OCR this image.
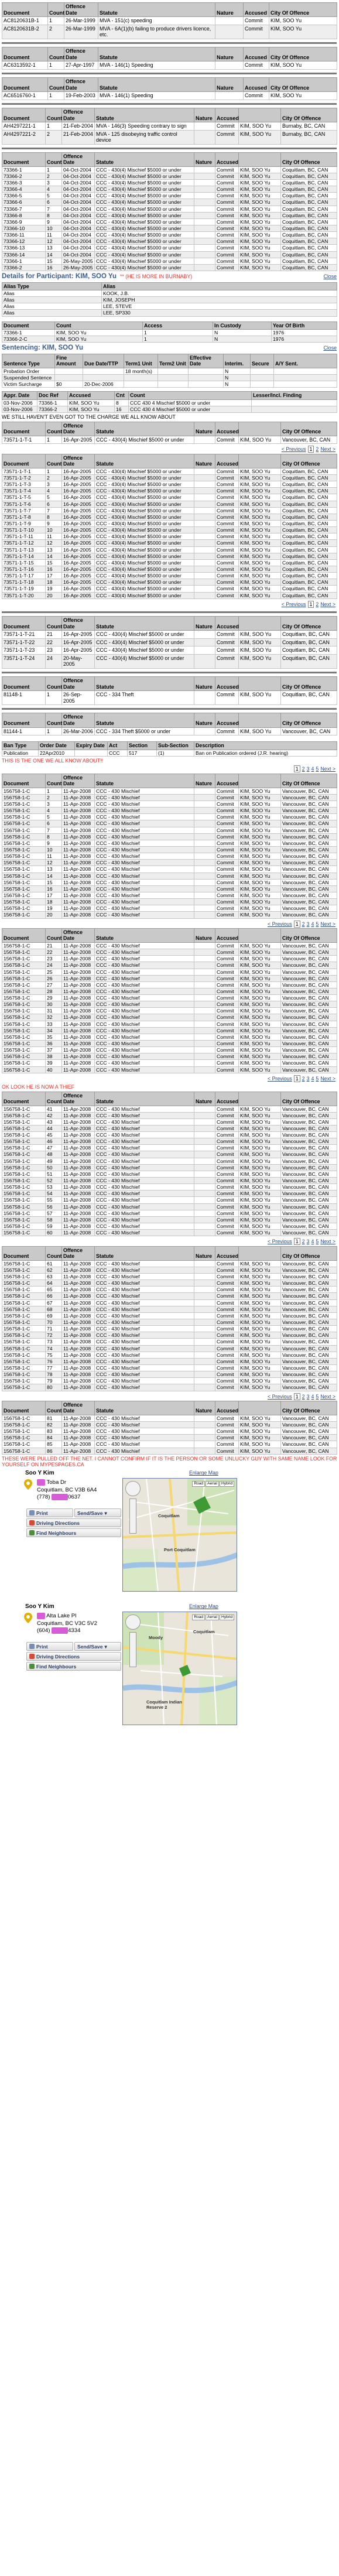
Document	Count	Offence Date	Statute	Nature	Accused	City Of Offence
AC8120631B-1	1	26-Mar-1999	MVA - 151(c) speeding		Commit	KIM, SOO Yu
AC8120631B-2	2	26-Mar-1999	MVA - 6A(1)(b) failing to produce drivers licence, etc.		Commit	KIM, SOO Yu
Document	Count	Offence Date	Statute	Nature	Accused	City Of Offence
AC6313592-1	1	27-Apr-1997	MVA - 146(1) Speeding		Commit	KIM, SOO Yu
Document	Count	Offence Date	Statute	Nature	Accused	City Of Offence
AC6516760-1	1	19-Feb-2003	MVA - 146(1) Speeding		Commit	KIM, SOO Yu
Document	Count	Offence Date	Statute	Nature	Accused		City Of Offence
AH4297221-1	1	21-Feb-2004	MVA - 146(3) Speeding contrary to sign		Commit	KIM, SOO Yu	Burnaby, BC, CAN
AH4297221-2	2	21-Feb-2004	MVA - 125 disobeying traffic control device		Commit	KIM, SOO Yu	Burnaby, BC, CAN
Document	Count	Offence Date	Statute	Nature	Accused		City Of Offence
73366-1	1	04-Oct-2004	CCC - 430(4) Mischief $5000 or under		Commit	KIM, SOO Yu	Coquitlam, BC, CAN
73366-2	2	04-Oct-2004	CCC - 430(4) Mischief $5000 or under		Commit	KIM, SOO Yu	Coquitlam, BC, CAN
73366-3	3	04-Oct-2004	CCC - 430(4) Mischief $5000 or under		Commit	KIM, SOO Yu	Coquitlam, BC, CAN
73366-4	4	04-Oct-2004	CCC - 430(4) Mischief $5000 or under		Commit	KIM, SOO Yu	Coquitlam, BC, CAN
73366-5	5	04-Oct-2004	CCC - 430(4) Mischief $5000 or under		Commit	KIM, SOO Yu	Coquitlam, BC, CAN
73366-6	6	04-Oct-2004	CCC - 430(4) Mischief $5000 or under		Commit	KIM, SOO Yu	Coquitlam, BC, CAN
73366-7	7	04-Oct-2004	CCC - 430(4) Mischief $5000 or under		Commit	KIM, SOO Yu	Coquitlam, BC, CAN
73366-8	8	04-Oct-2004	CCC - 430(4) Mischief $5000 or under		Commit	KIM, SOO Yu	Coquitlam, BC, CAN
73366-9	9	04-Oct-2004	CCC - 430(4) Mischief $5000 or under		Commit	KIM, SOO Yu	Coquitlam, BC, CAN
73366-10	10	04-Oct-2004	CCC - 430(4) Mischief $5000 or under		Commit	KIM, SOO Yu	Coquitlam, BC, CAN
73366-11	11	04-Oct-2004	CCC - 430(4) Mischief $5000 or under		Commit	KIM, SOO Yu	Coquitlam, BC, CAN
73366-12	12	04-Oct-2004	CCC - 430(4) Mischief $5000 or under		Commit	KIM, SOO Yu	Coquitlam, BC, CAN
73366-13	13	04-Oct-2004	CCC - 430(4) Mischief $5000 or under		Commit	KIM, SOO Yu	Coquitlam, BC, CAN
73366-14	14	04-Oct-2004	CCC - 430(4) Mischief $5000 or under		Commit	KIM, SOO Yu	Coquitlam, BC, CAN
73366-1	15	26-May-2005	CCC - 430(4) Mischief $5000 or under		Commit	KIM, SOO Yu	Coquitlam, BC, CAN
73366-2	16	26-May-2005	CCC - 430(4) Mischief $5000 or under		Commit	KIM, SOO Yu	Coquitlam, BC, CAN
Details for Participant: KIM, SOO Yu ** (HE IS MORE IN BURNABY)	Close
Alias Type	Alias
Alias	KOOK, J.B.
Alias	KIM, JOSEPH
Alias	LEE, STEVE
Alias	LEE, SP330
Document	Count	Access	In Custody	Year Of Birth
73366-1	KIM, SOO Yu	1	N	1976
73366-2-C	KIM, SOO Yu	1	N	1976
Sentencing: KIM, SOO Yu	Close
Sentence Type	Fine Amount	Due Date/TTP	Term1 Unit	Term2 Unit	Effective Date	Interim.	Secure	A/Y Sent.
Probation Order			18 month(s)			N		
Suspended Sentence						N		
Victim Surcharge	$0	20-Dec-2006				N		
Appr. Date	Doc Ref	Accused	Cnt	Count	Lesser/Incl. Finding
03-Nov-2006	73366-1	KIM, SOO Yu	8	CCC 430 4 Mischief $5000 or under	
03-Nov-2006	73366-2	KIM, SOO Yu	16	CCC 430 4 Mischief $5000 or under	
WE STILL HAVEN'T EVEN GOT TO THE CHARGE WE ALL KNOW ABOUT
Document	Count	Offence Date	Statute	Nature	Accused		City Of Offence
73571-1-T-1	1	16-Apr-2005	CCC - 430(4) Mischief $5000 or under		Commit	KIM, SOO Yu	Vancouver, BC, CAN
< Previous 1 2 Next >
Document	Count	Offence Date	Statute	Nature	Accused		City Of Offence
73571-1-T-1	1	16-Apr-2005	CCC - 430(4) Mischief $5000 or under		Commit	KIM, SOO Yu	Coquitlam, BC, CAN
73571-1-T-2	2	16-Apr-2005	CCC - 430(4) Mischief $5000 or under		Commit	KIM, SOO Yu	Coquitlam, BC, CAN
73571-1-T-3	3	16-Apr-2005	CCC - 430(4) Mischief $5000 or under		Commit	KIM, SOO Yu	Coquitlam, BC, CAN
73571-1-T-4	4	16-Apr-2005	CCC - 430(4) Mischief $5000 or under		Commit	KIM, SOO Yu	Coquitlam, BC, CAN
73571-1-T-5	5	16-Apr-2005	CCC - 430(4) Mischief $5000 or under		Commit	KIM, SOO Yu	Coquitlam, BC, CAN
73571-1-T-6	6	16-Apr-2005	CCC - 430(4) Mischief $5000 or under		Commit	KIM, SOO Yu	Coquitlam, BC, CAN
73571-1-T-7	7	16-Apr-2005	CCC - 430(4) Mischief $5000 or under		Commit	KIM, SOO Yu	Coquitlam, BC, CAN
73571-1-T-8	8	16-Apr-2005	CCC - 430(4) Mischief $5000 or under		Commit	KIM, SOO Yu	Coquitlam, BC, CAN
73571-1-T-9	9	16-Apr-2005	CCC - 430(4) Mischief $5000 or under		Commit	KIM, SOO Yu	Coquitlam, BC, CAN
73571-1-T-10	10	16-Apr-2005	CCC - 430(4) Mischief $5000 or under		Commit	KIM, SOO Yu	Coquitlam, BC, CAN
73571-1-T-11	11	16-Apr-2005	CCC - 430(4) Mischief $5000 or under		Commit	KIM, SOO Yu	Coquitlam, BC, CAN
73571-1-T-12	12	16-Apr-2005	CCC - 430(4) Mischief $5000 or under		Commit	KIM, SOO Yu	Coquitlam, BC, CAN
73571-1-T-13	13	16-Apr-2005	CCC - 430(4) Mischief $5000 or under		Commit	KIM, SOO Yu	Coquitlam, BC, CAN
73571-1-T-14	14	16-Apr-2005	CCC - 430(4) Mischief $5000 or under		Commit	KIM, SOO Yu	Coquitlam, BC, CAN
73571-1-T-15	15	16-Apr-2005	CCC - 430(4) Mischief $5000 or under		Commit	KIM, SOO Yu	Coquitlam, BC, CAN
73571-1-T-16	16	16-Apr-2005	CCC - 430(4) Mischief $5000 or under		Commit	KIM, SOO Yu	Coquitlam, BC, CAN
73571-1-T-17	17	16-Apr-2005	CCC - 430(4) Mischief $5000 or under		Commit	KIM, SOO Yu	Coquitlam, BC, CAN
73571-1-T-18	18	16-Apr-2005	CCC - 430(4) Mischief $5000 or under		Commit	KIM, SOO Yu	Coquitlam, BC, CAN
73571-1-T-19	19	16-Apr-2005	CCC - 430(4) Mischief $5000 or under		Commit	KIM, SOO Yu	Coquitlam, BC, CAN
73571-1-T-20	20	16-Apr-2005	CCC - 430(4) Mischief $5000 or under		Commit	KIM, SOO Yu	Coquitlam, BC, CAN
< Previous 1 2 Next >
Document	Count	Offence Date	Statute	Nature	Accused		City Of Offence
73571-1-T-21	21	16-Apr-2005	CCC - 430(4) Mischief $5000 or under		Commit	KIM, SOO Yu	Coquitlam, BC, CAN
73571-1-T-22	22	16-Apr-2005	CCC - 430(4) Mischief $5000 or under		Commit	KIM, SOO Yu	Coquitlam, BC, CAN
73571-1-T-23	23	16-Apr-2005	CCC - 430(4) Mischief $5000 or under		Commit	KIM, SOO Yu	Coquitlam, BC, CAN
73571-1-T-24	24	20-May-2005	CCC - 430(4) Mischief $5000 or under		Commit	KIM, SOO Yu	Coquitlam, BC, CAN
Document	Count	Offence Date	Statute	Nature	Accused		City Of Offence
81148-1	1	26-Sep-2005	CCC - 334 Theft		Commit	KIM, SOO Yu	Coquitlam, BC, CAN
Document	Count	Offence Date	Statute	Nature	Accused		City Of Offence
81144-1	1	26-Mar-2006	CCC - 334 Theft $5000 or under		Commit	KIM, SOO Yu	Vancouver, BC, CAN
Ban Type	Order Date	Expiry Date	Act	Section	Sub-Section	Description
Publication	22Apr2010		CCC	517	(1)	Ban on Publication ordered (J.R. hearing)
THIS IS THE ONE WE ALL KNOW ABOUT!!
1 2 3 4 5 Next >
Document	Count	Offence Date	Statute	Nature	Accused		City Of Offence
156758-1-C	1	11-Apr-2008	CCC - 430 Mischief		Commit	KIM, SOO Yu	Vancouver, BC, CAN
156758-1-C	2	11-Apr-2008	CCC - 430 Mischief		Commit	KIM, SOO Yu	Vancouver, BC, CAN
156758-1-C	3	11-Apr-2008	CCC - 430 Mischief		Commit	KIM, SOO Yu	Vancouver, BC, CAN
156758-1-C	4	11-Apr-2008	CCC - 430 Mischief		Commit	KIM, SOO Yu	Vancouver, BC, CAN
156758-1-C	5	11-Apr-2008	CCC - 430 Mischief		Commit	KIM, SOO Yu	Vancouver, BC, CAN
156758-1-C	6	11-Apr-2008	CCC - 430 Mischief		Commit	KIM, SOO Yu	Vancouver, BC, CAN
156758-1-C	7	11-Apr-2008	CCC - 430 Mischief		Commit	KIM, SOO Yu	Vancouver, BC, CAN
156758-1-C	8	11-Apr-2008	CCC - 430 Mischief		Commit	KIM, SOO Yu	Vancouver, BC, CAN
156758-1-C	9	11-Apr-2008	CCC - 430 Mischief		Commit	KIM, SOO Yu	Vancouver, BC, CAN
156758-1-C	10	11-Apr-2008	CCC - 430 Mischief		Commit	KIM, SOO Yu	Vancouver, BC, CAN
156758-1-C	11	11-Apr-2008	CCC - 430 Mischief		Commit	KIM, SOO Yu	Vancouver, BC, CAN
156758-1-C	12	11-Apr-2008	CCC - 430 Mischief		Commit	KIM, SOO Yu	Vancouver, BC, CAN
156758-1-C	13	11-Apr-2008	CCC - 430 Mischief		Commit	KIM, SOO Yu	Vancouver, BC, CAN
156758-1-C	14	11-Apr-2008	CCC - 430 Mischief		Commit	KIM, SOO Yu	Vancouver, BC, CAN
156758-1-C	15	11-Apr-2008	CCC - 430 Mischief		Commit	KIM, SOO Yu	Vancouver, BC, CAN
156758-1-C	16	11-Apr-2008	CCC - 430 Mischief		Commit	KIM, SOO Yu	Vancouver, BC, CAN
156758-1-C	17	11-Apr-2008	CCC - 430 Mischief		Commit	KIM, SOO Yu	Vancouver, BC, CAN
156758-1-C	18	11-Apr-2008	CCC - 430 Mischief		Commit	KIM, SOO Yu	Vancouver, BC, CAN
156758-1-C	19	11-Apr-2008	CCC - 430 Mischief		Commit	KIM, SOO Yu	Vancouver, BC, CAN
156758-1-C	20	11-Apr-2008	CCC - 430 Mischief		Commit	KIM, SOO Yu	Vancouver, BC, CAN
< Previous 1 2 3 4 5 Next >
Document	Count	Offence Date	Statute	Nature	Accused		City Of Offence
156758-1-C	21	11-Apr-2008	CCC - 430 Mischief		Commit	KIM, SOO Yu	Vancouver, BC, CAN
156758-1-C	22	11-Apr-2008	CCC - 430 Mischief		Commit	KIM, SOO Yu	Vancouver, BC, CAN
156758-1-C	23	11-Apr-2008	CCC - 430 Mischief		Commit	KIM, SOO Yu	Vancouver, BC, CAN
156758-1-C	24	11-Apr-2008	CCC - 430 Mischief		Commit	KIM, SOO Yu	Vancouver, BC, CAN
156758-1-C	25	11-Apr-2008	CCC - 430 Mischief		Commit	KIM, SOO Yu	Vancouver, BC, CAN
156758-1-C	26	11-Apr-2008	CCC - 430 Mischief		Commit	KIM, SOO Yu	Vancouver, BC, CAN
156758-1-C	27	11-Apr-2008	CCC - 430 Mischief		Commit	KIM, SOO Yu	Vancouver, BC, CAN
156758-1-C	28	11-Apr-2008	CCC - 430 Mischief		Commit	KIM, SOO Yu	Vancouver, BC, CAN
156758-1-C	29	11-Apr-2008	CCC - 430 Mischief		Commit	KIM, SOO Yu	Vancouver, BC, CAN
156758-1-C	30	11-Apr-2008	CCC - 430 Mischief		Commit	KIM, SOO Yu	Vancouver, BC, CAN
156758-1-C	31	11-Apr-2008	CCC - 430 Mischief		Commit	KIM, SOO Yu	Vancouver, BC, CAN
156758-1-C	32	11-Apr-2008	CCC - 430 Mischief		Commit	KIM, SOO Yu	Vancouver, BC, CAN
156758-1-C	33	11-Apr-2008	CCC - 430 Mischief		Commit	KIM, SOO Yu	Vancouver, BC, CAN
156758-1-C	34	11-Apr-2008	CCC - 430 Mischief		Commit	KIM, SOO Yu	Vancouver, BC, CAN
156758-1-C	35	11-Apr-2008	CCC - 430 Mischief		Commit	KIM, SOO Yu	Vancouver, BC, CAN
156758-1-C	36	11-Apr-2008	CCC - 430 Mischief		Commit	KIM, SOO Yu	Vancouver, BC, CAN
156758-1-C	37	11-Apr-2008	CCC - 430 Mischief		Commit	KIM, SOO Yu	Vancouver, BC, CAN
156758-1-C	38	11-Apr-2008	CCC - 430 Mischief		Commit	KIM, SOO Yu	Vancouver, BC, CAN
156758-1-C	39	11-Apr-2008	CCC - 430 Mischief		Commit	KIM, SOO Yu	Vancouver, BC, CAN
156758-1-C	40	11-Apr-2008	CCC - 430 Mischief		Commit	KIM, SOO Yu	Vancouver, BC, CAN
< Previous 1 2 3 4 5 Next >
OK LOOK HE IS NOW A THIEF
Document	Count	Offence Date	Statute	Nature	Accused		City Of Offence
156758-1-C	41	11-Apr-2008	CCC - 430 Mischief		Commit	KIM, SOO Yu	Vancouver, BC, CAN
156758-1-C	42	11-Apr-2008	CCC - 430 Mischief		Commit	KIM, SOO Yu	Vancouver, BC, CAN
156758-1-C	43	11-Apr-2008	CCC - 430 Mischief		Commit	KIM, SOO Yu	Vancouver, BC, CAN
156758-1-C	44	11-Apr-2008	CCC - 430 Mischief		Commit	KIM, SOO Yu	Vancouver, BC, CAN
156758-1-C	45	11-Apr-2008	CCC - 430 Mischief		Commit	KIM, SOO Yu	Vancouver, BC, CAN
156758-1-C	46	11-Apr-2008	CCC - 430 Mischief		Commit	KIM, SOO Yu	Vancouver, BC, CAN
156758-1-C	47	11-Apr-2008	CCC - 430 Mischief		Commit	KIM, SOO Yu	Vancouver, BC, CAN
156758-1-C	48	11-Apr-2008	CCC - 430 Mischief		Commit	KIM, SOO Yu	Vancouver, BC, CAN
156758-1-C	49	11-Apr-2008	CCC - 430 Mischief		Commit	KIM, SOO Yu	Vancouver, BC, CAN
156758-1-C	50	11-Apr-2008	CCC - 430 Mischief		Commit	KIM, SOO Yu	Vancouver, BC, CAN
156758-1-C	51	11-Apr-2008	CCC - 430 Mischief		Commit	KIM, SOO Yu	Vancouver, BC, CAN
156758-1-C	52	11-Apr-2008	CCC - 430 Mischief		Commit	KIM, SOO Yu	Vancouver, BC, CAN
156758-1-C	53	11-Apr-2008	CCC - 430 Mischief		Commit	KIM, SOO Yu	Vancouver, BC, CAN
156758-1-C	54	11-Apr-2008	CCC - 430 Mischief		Commit	KIM, SOO Yu	Vancouver, BC, CAN
156758-1-C	55	11-Apr-2008	CCC - 430 Mischief		Commit	KIM, SOO Yu	Vancouver, BC, CAN
156758-1-C	56	11-Apr-2008	CCC - 430 Mischief		Commit	KIM, SOO Yu	Vancouver, BC, CAN
156758-1-C	57	11-Apr-2008	CCC - 430 Mischief		Commit	KIM, SOO Yu	Vancouver, BC, CAN
156758-1-C	58	11-Apr-2008	CCC - 430 Mischief		Commit	KIM, SOO Yu	Vancouver, BC, CAN
156758-1-C	59	11-Apr-2008	CCC - 430 Mischief		Commit	KIM, SOO Yu	Vancouver, BC, CAN
156758-1-C	60	11-Apr-2008	CCC - 430 Mischief		Commit	KIM, SOO Yu	Vancouver, BC, CAN
< Previous 1 2 3 4 5 Next >
Document	Count	Offence Date	Statute	Nature	Accused		City Of Offence
156758-1-C	61	11-Apr-2008	CCC - 430 Mischief		Commit	KIM, SOO Yu	Vancouver, BC, CAN
156758-1-C	62	11-Apr-2008	CCC - 430 Mischief		Commit	KIM, SOO Yu	Vancouver, BC, CAN
156758-1-C	63	11-Apr-2008	CCC - 430 Mischief		Commit	KIM, SOO Yu	Vancouver, BC, CAN
156758-1-C	64	11-Apr-2008	CCC - 430 Mischief		Commit	KIM, SOO Yu	Vancouver, BC, CAN
156758-1-C	65	11-Apr-2008	CCC - 430 Mischief		Commit	KIM, SOO Yu	Vancouver, BC, CAN
156758-1-C	66	11-Apr-2008	CCC - 430 Mischief		Commit	KIM, SOO Yu	Vancouver, BC, CAN
156758-1-C	67	11-Apr-2008	CCC - 430 Mischief		Commit	KIM, SOO Yu	Vancouver, BC, CAN
156758-1-C	68	11-Apr-2008	CCC - 430 Mischief		Commit	KIM, SOO Yu	Vancouver, BC, CAN
156758-1-C	69	11-Apr-2008	CCC - 430 Mischief		Commit	KIM, SOO Yu	Vancouver, BC, CAN
156758-1-C	70	11-Apr-2008	CCC - 430 Mischief		Commit	KIM, SOO Yu	Vancouver, BC, CAN
156758-1-C	71	11-Apr-2008	CCC - 430 Mischief		Commit	KIM, SOO Yu	Vancouver, BC, CAN
156758-1-C	72	11-Apr-2008	CCC - 430 Mischief		Commit	KIM, SOO Yu	Vancouver, BC, CAN
156758-1-C	73	11-Apr-2008	CCC - 430 Mischief		Commit	KIM, SOO Yu	Vancouver, BC, CAN
156758-1-C	74	11-Apr-2008	CCC - 430 Mischief		Commit	KIM, SOO Yu	Vancouver, BC, CAN
156758-1-C	75	11-Apr-2008	CCC - 430 Mischief		Commit	KIM, SOO Yu	Vancouver, BC, CAN
156758-1-C	76	11-Apr-2008	CCC - 430 Mischief		Commit	KIM, SOO Yu	Vancouver, BC, CAN
156758-1-C	77	11-Apr-2008	CCC - 430 Mischief		Commit	KIM, SOO Yu	Vancouver, BC, CAN
156758-1-C	78	11-Apr-2008	CCC - 430 Mischief		Commit	KIM, SOO Yu	Vancouver, BC, CAN
156758-1-C	79	11-Apr-2008	CCC - 430 Mischief		Commit	KIM, SOO Yu	Vancouver, BC, CAN
156758-1-C	80	11-Apr-2008	CCC - 430 Mischief		Commit	KIM, SOO Yu	Vancouver, BC, CAN
< Previous 1 2 3 4 5 Next >
Document	Count	Offence Date	Statute	Nature	Accused		City Of Offence
156758-1-C	81	11-Apr-2008	CCC - 430 Mischief		Commit	KIM, SOO Yu	Vancouver, BC, CAN
156758-1-C	82	11-Apr-2008	CCC - 430 Mischief		Commit	KIM, SOO Yu	Vancouver, BC, CAN
156758-1-C	83	11-Apr-2008	CCC - 430 Mischief		Commit	KIM, SOO Yu	Vancouver, BC, CAN
156758-1-C	84	11-Apr-2008	CCC - 430 Mischief		Commit	KIM, SOO Yu	Vancouver, BC, CAN
156758-1-C	85	11-Apr-2008	CCC - 430 Mischief		Commit	KIM, SOO Yu	Vancouver, BC, CAN
156758-1-C	86	11-Apr-2008	CCC - 430 Mischief		Commit	KIM, SOO Yu	Vancouver, BC, CAN
THESE WERE PULLED OFF THE NET. I CANNOT CONFIRM IF IT IS THE PERSON OR SOME UNLUCKY GUY WITH SAME NAME LOOK FOR YOURSELF ON MYPESPAGES.CA
Soo Y Kim
Toba Dr
Coquitlam, BC V3B 6A4
(778)	0637
Enlarge Map
Print	Send/Save ▾
Driving Directions
Find Neighbours
Road	Aerial	Hybrid
Coquitlam
Port Coquitlam
Soo Y Kim
Alta Lake Pl
Coquitlam, BC V3C 5V2
(604)	4334
Enlarge Map
Print	Send/Save ▾
Driving Directions
Find Neighbours
Road	Aerial	Hybrid
Moody
Coquitlam
Coquitlam Indian Reserve 2
